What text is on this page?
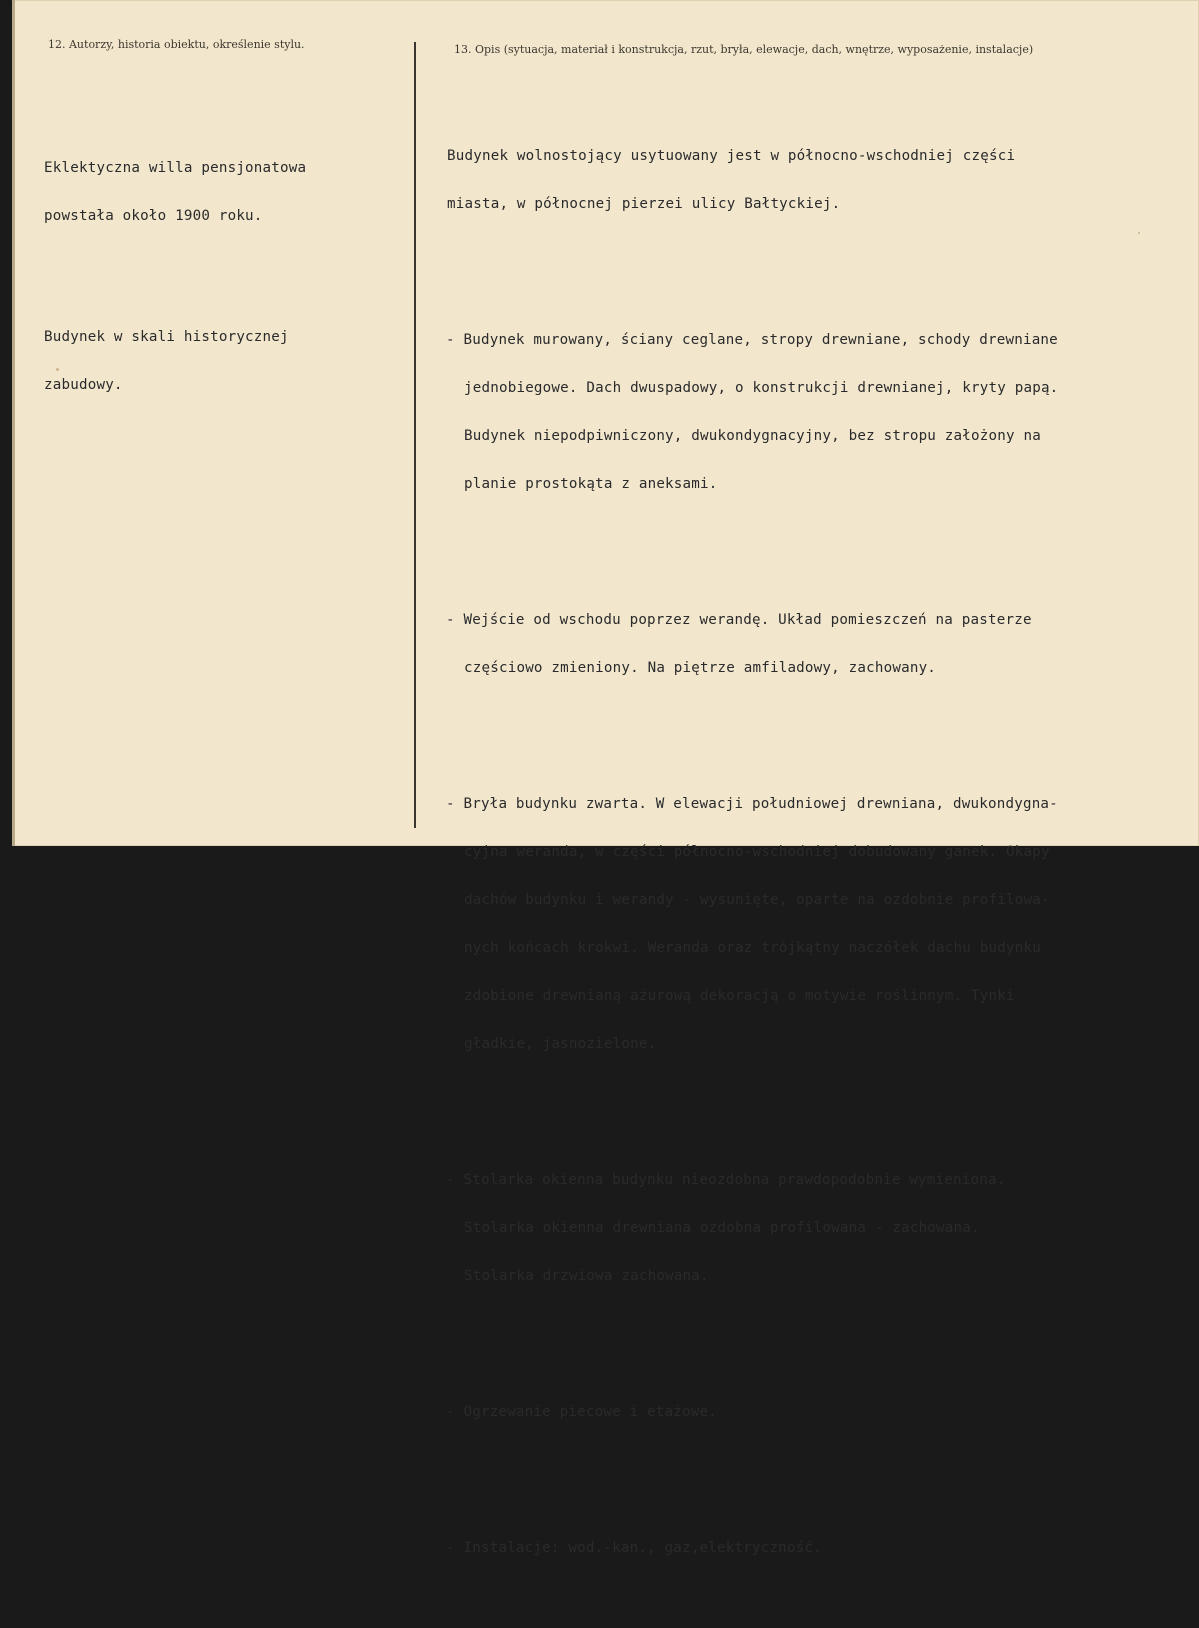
12. Autorzy, historia obiektu, określenie stylu.	13. Opis (sytuacja, materiał i konstrukcja, rzut, bryła, elewacje, dach, wnętrze, wyposażenie, instalacje)

Eklektyczna willa pensjonatowa

powstała około 1900 roku.

Budynek w skali historycznej

zabudowy.

Budynek wolnostojący usytuowany jest w północno-wschodniej części

miasta, w północnej pierzei ulicy Bałtyckiej.

- Budynek murowany, ściany ceglane, stropy drewniane, schody drewniane

jednobiegowe. Dach dwuspadowy, o konstrukcji drewnianej, kryty papą.

Budynek niepodpiwniczony, dwukondygnacyjny, bez stropu założony na

planie prostokąta z aneksami.

- Wejście od wschodu poprzez werandę. Układ pomieszczeń na pasterze

częściowo zmieniony. Na piętrze amfiladowy, zachowany.

- Bryła budynku zwarta. W elewacji południowej drewniana, dwukondygna-

cyjna weranda, w części północno-wschodniej dobudowany ganek. Okapy

dachów budynku i werandy - wysunięte, oparte na ozdobnie profilowa-

nych końcach krokwi. Weranda oraz trójkątny naczółek dachu budynku

zdobione drewnianą ażurową dekoracją o motywie roślinnym. Tynki

gładkie, jasnozielone.

- Stolarka okienna budynku nieozdobna prawdopodobnie wymieniona.

Stolarka okienna drewniana ozdobna profilowana - zachowana.

Stolarka drzwiowa zachowana.

- Ogrzewanie piecowe i etażowe.

- Instalacje: wod.-kan., gaz,elektryczność.
